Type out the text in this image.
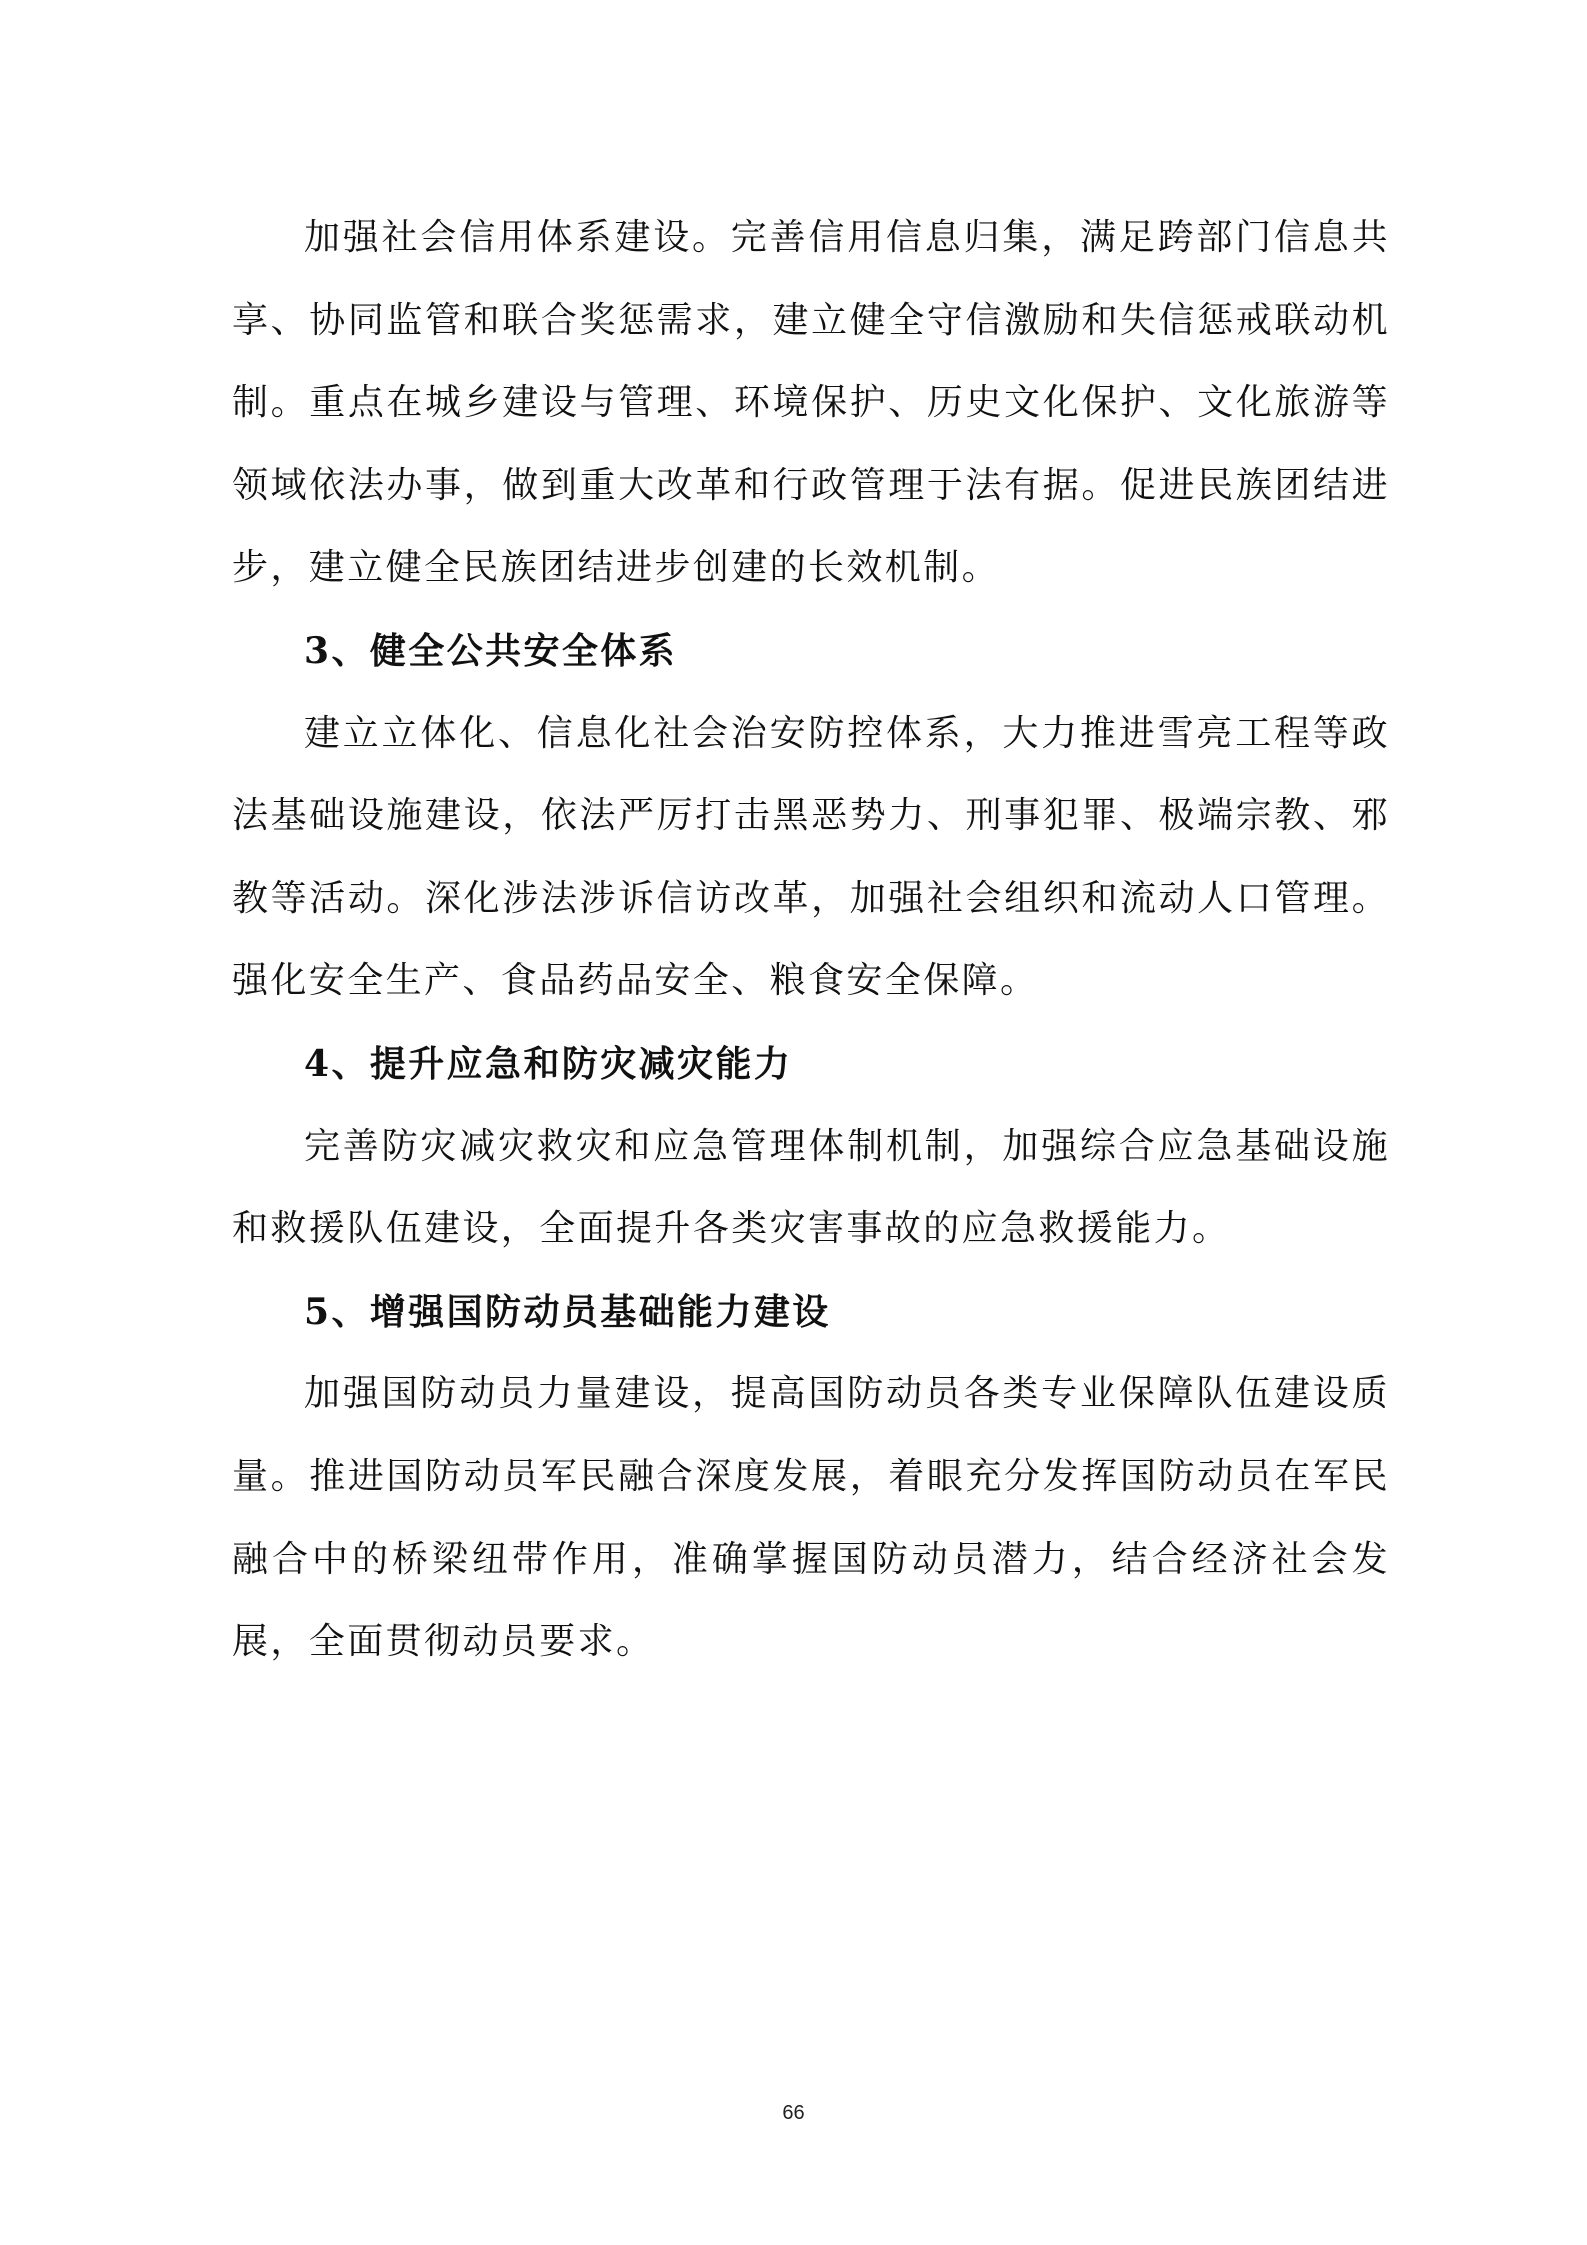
加强社会信用体系建设。完善信用信息归集，满足跨部门信息共享、协同监管和联合奖惩需求，建立健全守信激励和失信惩戒联动机制。重点在城乡建设与管理、环境保护、历史文化保护、文化旅游等领域依法办事，做到重大改革和行政管理于法有据。促进民族团结进步，建立健全民族团结进步创建的长效机制。

3、健全公共安全体系

建立立体化、信息化社会治安防控体系，大力推进雪亮工程等政法基础设施建设，依法严厉打击黑恶势力、刑事犯罪、极端宗教、邪教等活动。深化涉法涉诉信访改革，加强社会组织和流动人口管理。强化安全生产、食品药品安全、粮食安全保障。

4、提升应急和防灾减灾能力

完善防灾减灾救灾和应急管理体制机制，加强综合应急基础设施和救援队伍建设，全面提升各类灾害事故的应急救援能力。

5、增强国防动员基础能力建设

加强国防动员力量建设，提高国防动员各类专业保障队伍建设质量。推进国防动员军民融合深度发展，着眼充分发挥国防动员在军民融合中的桥梁纽带作用，准确掌握国防动员潜力，结合经济社会发展，全面贯彻动员要求。

66
